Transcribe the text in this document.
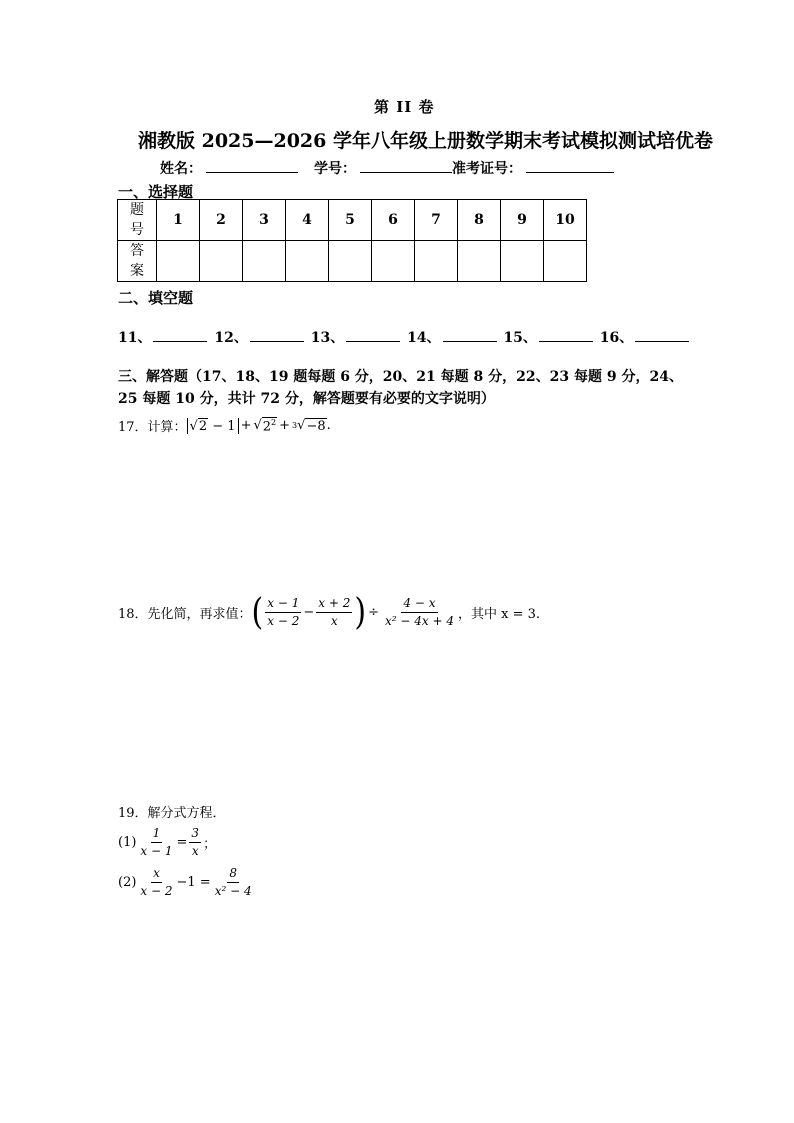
第 II 卷
湘教版 2025—2026 学年八年级上册数学期末考试模拟测试培优卷
姓名：	学号：	准考证号：
一、选择题
题号	1	2	3	4	5	6	7	8	9	10
答案										
二、填空题
11、	12、	13、	14、	15、	16、
三、解答题（17、18、19 题每题 6 分，20、21 每题 8 分，22、23 每题 9 分，24、25 每题 10 分，共计 72 分，解答题要有必要的文字说明）
17．计算： √2 − 1 + √ $2^2 + 3$ √ −8 .
18．先化简，再求值： ( $\frac{x - 1}{x - 2} - \frac{x + 2}{x}$ ) ÷ $\frac{4 - x}{\text{x² − 4x + 4}}$ ，其中 x = 3.
19．解分式方程．
$(1) \frac{1}{x - 1} = \frac{3}{x}$ ；
$(2) \frac{x}{x - 2} -1 = \frac{8}{\text{x² − 4}}$
